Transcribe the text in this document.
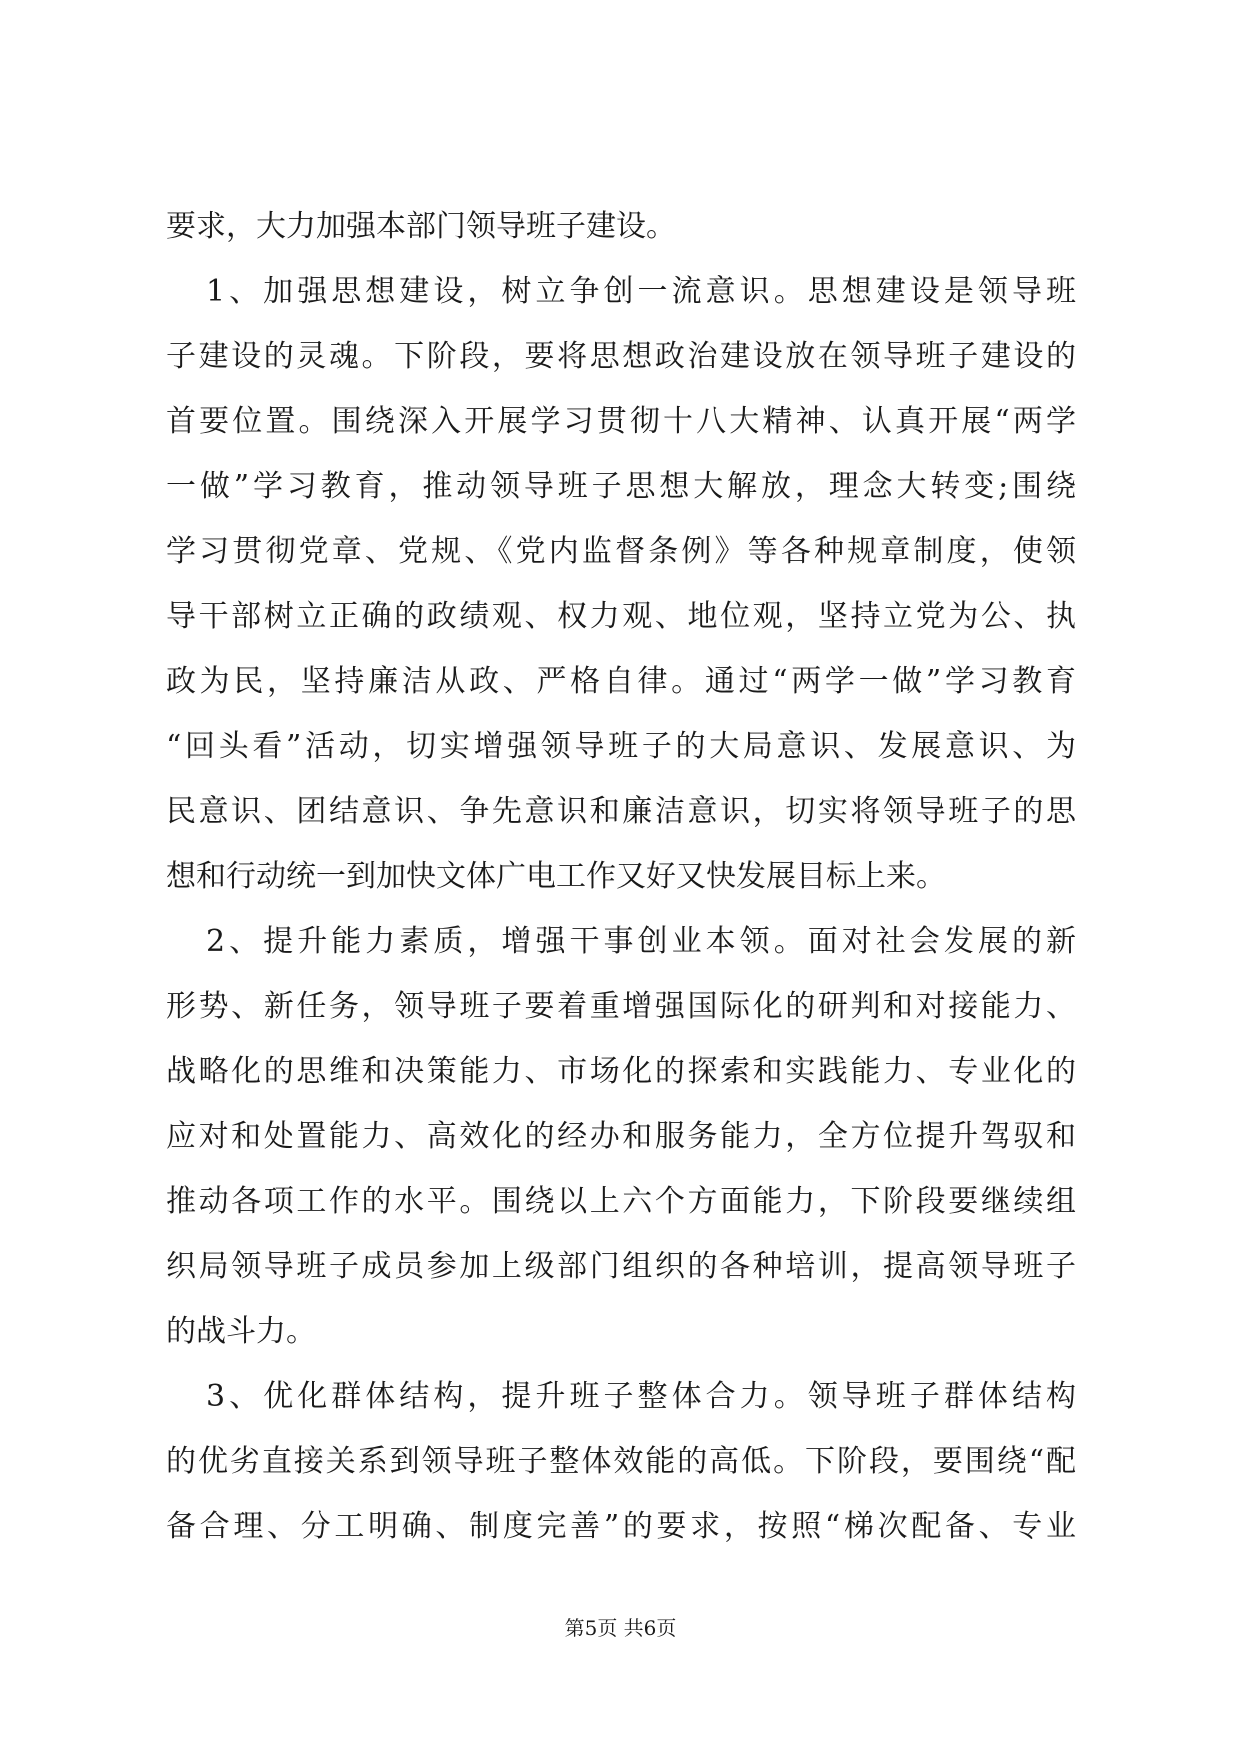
要求，大力加强本部门领导班子建设。
1、加强思想建设，树立争创一流意识。思想建设是领导班
子建设的灵魂。下阶段，要将思想政治建设放在领导班子建设的
首要位置。围绕深入开展学习贯彻十八大精神、认真开展“两学
一做”学习教育，推动领导班子思想大解放，理念大转变;围绕
学习贯彻党章、党规、《党内监督条例》等各种规章制度，使领
导干部树立正确的政绩观、权力观、地位观，坚持立党为公、执
政为民，坚持廉洁从政、严格自律。通过“两学一做”学习教育
“回头看”活动，切实增强领导班子的大局意识、发展意识、为
民意识、团结意识、争先意识和廉洁意识，切实将领导班子的思
想和行动统一到加快文体广电工作又好又快发展目标上来。
2、提升能力素质，增强干事创业本领。面对社会发展的新
形势、新任务，领导班子要着重增强国际化的研判和对接能力、
战略化的思维和决策能力、市场化的探索和实践能力、专业化的
应对和处置能力、高效化的经办和服务能力，全方位提升驾驭和
推动各项工作的水平。围绕以上六个方面能力，下阶段要继续组
织局领导班子成员参加上级部门组织的各种培训，提高领导班子
的战斗力。
3、优化群体结构，提升班子整体合力。领导班子群体结构
的优劣直接关系到领导班子整体效能的高低。下阶段，要围绕“配
备合理、分工明确、制度完善”的要求，按照“梯次配备、专业
第5页 共6页
